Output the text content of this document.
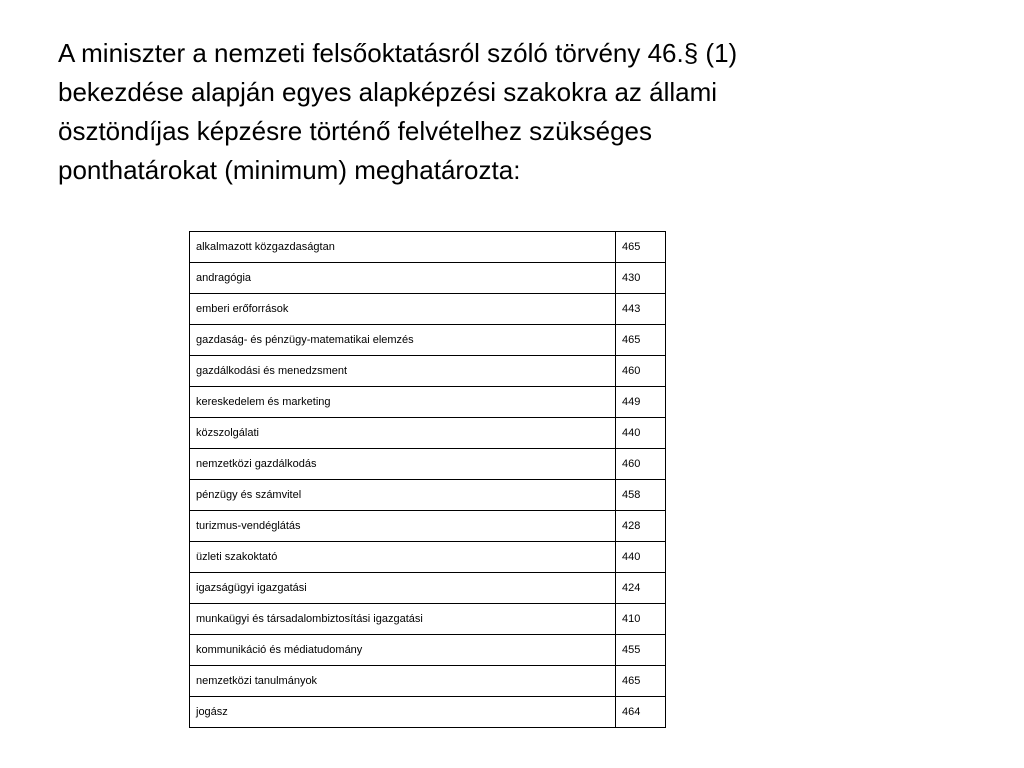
A miniszter a nemzeti felsőoktatásról szóló törvény 46.§ (1)
bekezdése alapján egyes alapképzési szakokra az állami
ösztöndíjas képzésre történő felvételhez szükséges
ponthatárokat (minimum) meghatározta:

alkalmazott közgazdaságtan	465
andragógia	430
emberi erőforrások	443
gazdaság- és pénzügy-matematikai elemzés	465
gazdálkodási és menedzsment	460
kereskedelem és marketing	449
közszolgálati	440
nemzetközi gazdálkodás	460
pénzügy és számvitel	458
turizmus-vendéglátás	428
üzleti szakoktató	440
igazságügyi igazgatási	424
munkaügyi és társadalombiztosítási igazgatási	410
kommunikáció és médiatudomány	455
nemzetközi tanulmányok	465
jogász	464
